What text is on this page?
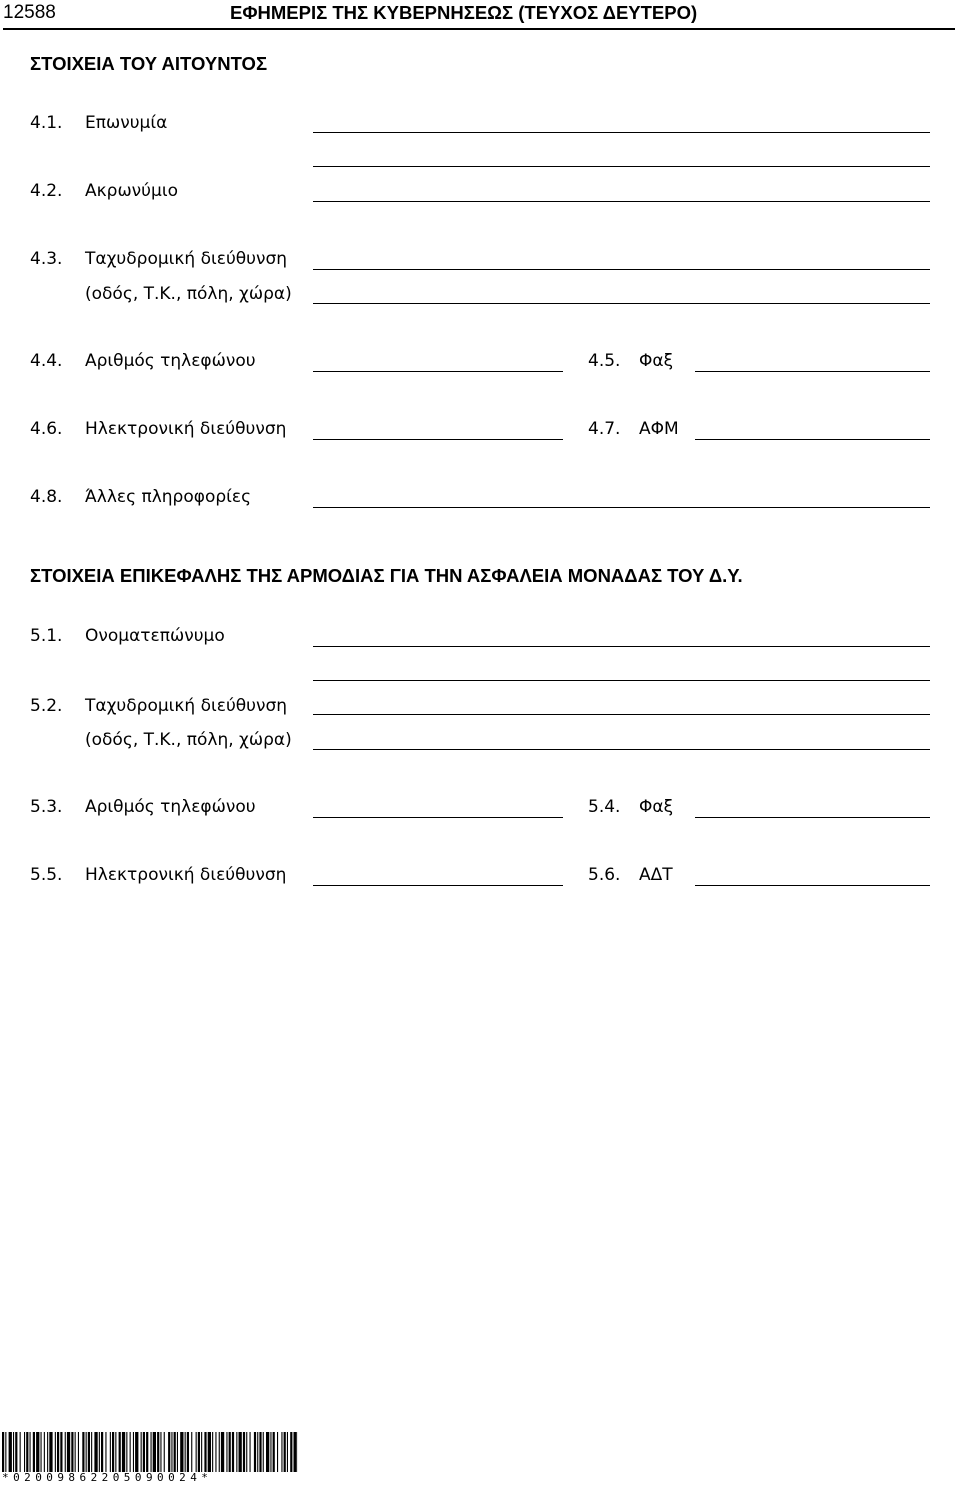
12588	ΕΦΗΜΕΡΙΣ ΤΗΣ ΚΥΒΕΡΝΗΣΕΩΣ (ΤΕΥΧΟΣ ΔΕΥΤΕΡΟ)
ΣΤΟΙΧΕΙΑ ΤΟΥ ΑΙΤΟΥΝΤΟΣ
4.1. Επωνυμία
4.2. Ακρωνύμιο
4.3. Ταχυδρομική διεύθυνση
(οδός, Τ.Κ., πόλη, χώρα)
4.4. Αριθμός τηλεφώνου	4.5. Φαξ
4.6. Ηλεκτρονική διεύθυνση	4.7. ΑΦΜ
4.8. Άλλες πληροφορίες
ΣΤΟΙΧΕΙΑ ΕΠΙΚΕΦΑΛΗΣ ΤΗΣ ΑΡΜΟΔΙΑΣ ΓΙΑ ΤΗΝ ΑΣΦΑΛΕΙΑ ΜΟΝΑΔΑΣ ΤΟΥ Δ.Υ.
5.1. Ονοματεπώνυμο
5.2. Ταχυδρομική διεύθυνση
(οδός, Τ.Κ., πόλη, χώρα)
5.3. Αριθμός τηλεφώνου	5.4. Φαξ
5.5. Ηλεκτρονική διεύθυνση	5.6. ΑΔΤ
*02009862205090024*
